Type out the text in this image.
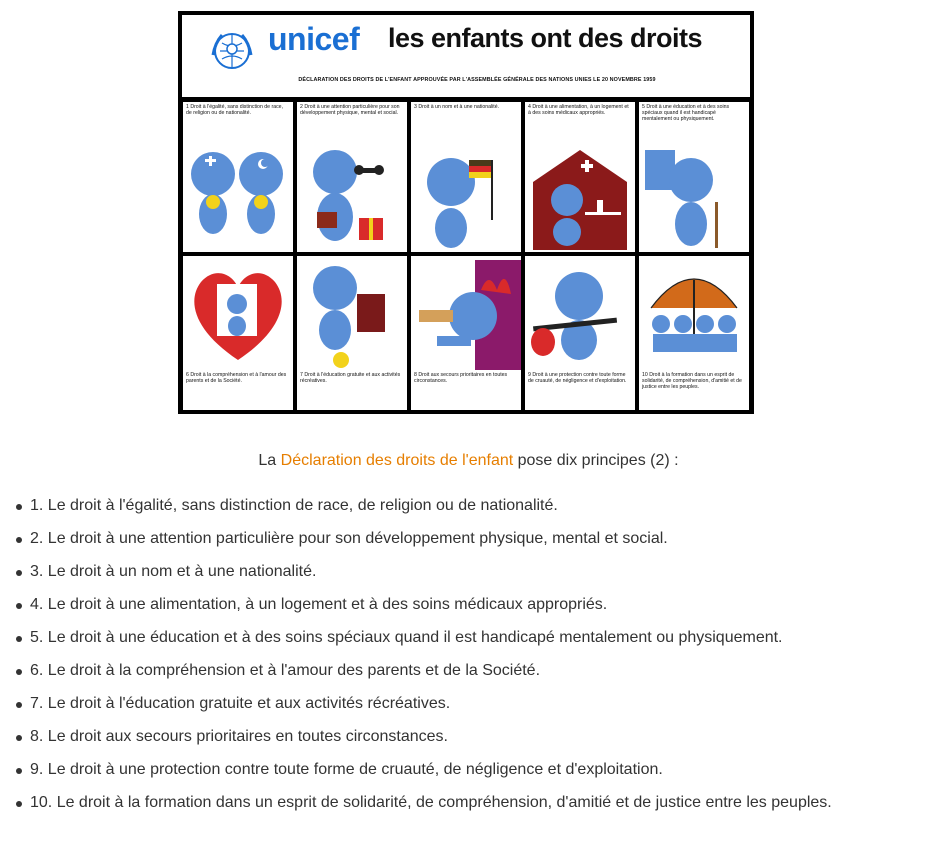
unicef les enfants ont des droits
DÉCLARATION DES DROITS DE L'ENFANT APPROUVÉE PAR L'ASSEMBLÉE GÉNÉRALE DES NATIONS UNIES LE 20 NOVEMBRE 1959
1 Droit à l'égalité, sans distinction de race, de religion ou de nationalité.
2 Droit à une attention particulière pour son développement physique, mental et social.
3 Droit à un nom et à une nationalité.	4 Droit à une alimentation, à un logement et à des soins médicaux appropriés.
5 Droit à une éducation et à des soins spéciaux quand il est handicapé mentalement ou physiquement.
6 Droit à la compréhension et à l'amour des parents et de la Société.
7 Droit à l'éducation gratuite et aux activités récréatives.
8 Droit aux secours prioritaires en toutes circonstances.
9 Droit à une protection contre toute forme de cruauté, de négligence et d'exploitation.
10 Droit à la formation dans un esprit de solidarité, de compréhension, d'amitié et de justice entre les peuples.
La Déclaration des droits de l'enfant pose dix principes (2) :
1. Le droit à l'égalité, sans distinction de race, de religion ou de nationalité.
2. Le droit à une attention particulière pour son développement physique, mental et social.
3. Le droit à un nom et à une nationalité.
4. Le droit à une alimentation, à un logement et à des soins médicaux appropriés.
5. Le droit à une éducation et à des soins spéciaux quand il est handicapé mentalement ou physiquement.
6. Le droit à la compréhension et à l'amour des parents et de la Société.
7. Le droit à l'éducation gratuite et aux activités récréatives.
8. Le droit aux secours prioritaires en toutes circonstances.
9. Le droit à une protection contre toute forme de cruauté, de négligence et d'exploitation.
10. Le droit à la formation dans un esprit de solidarité, de compréhension, d'amitié et de justice entre les peuples.
